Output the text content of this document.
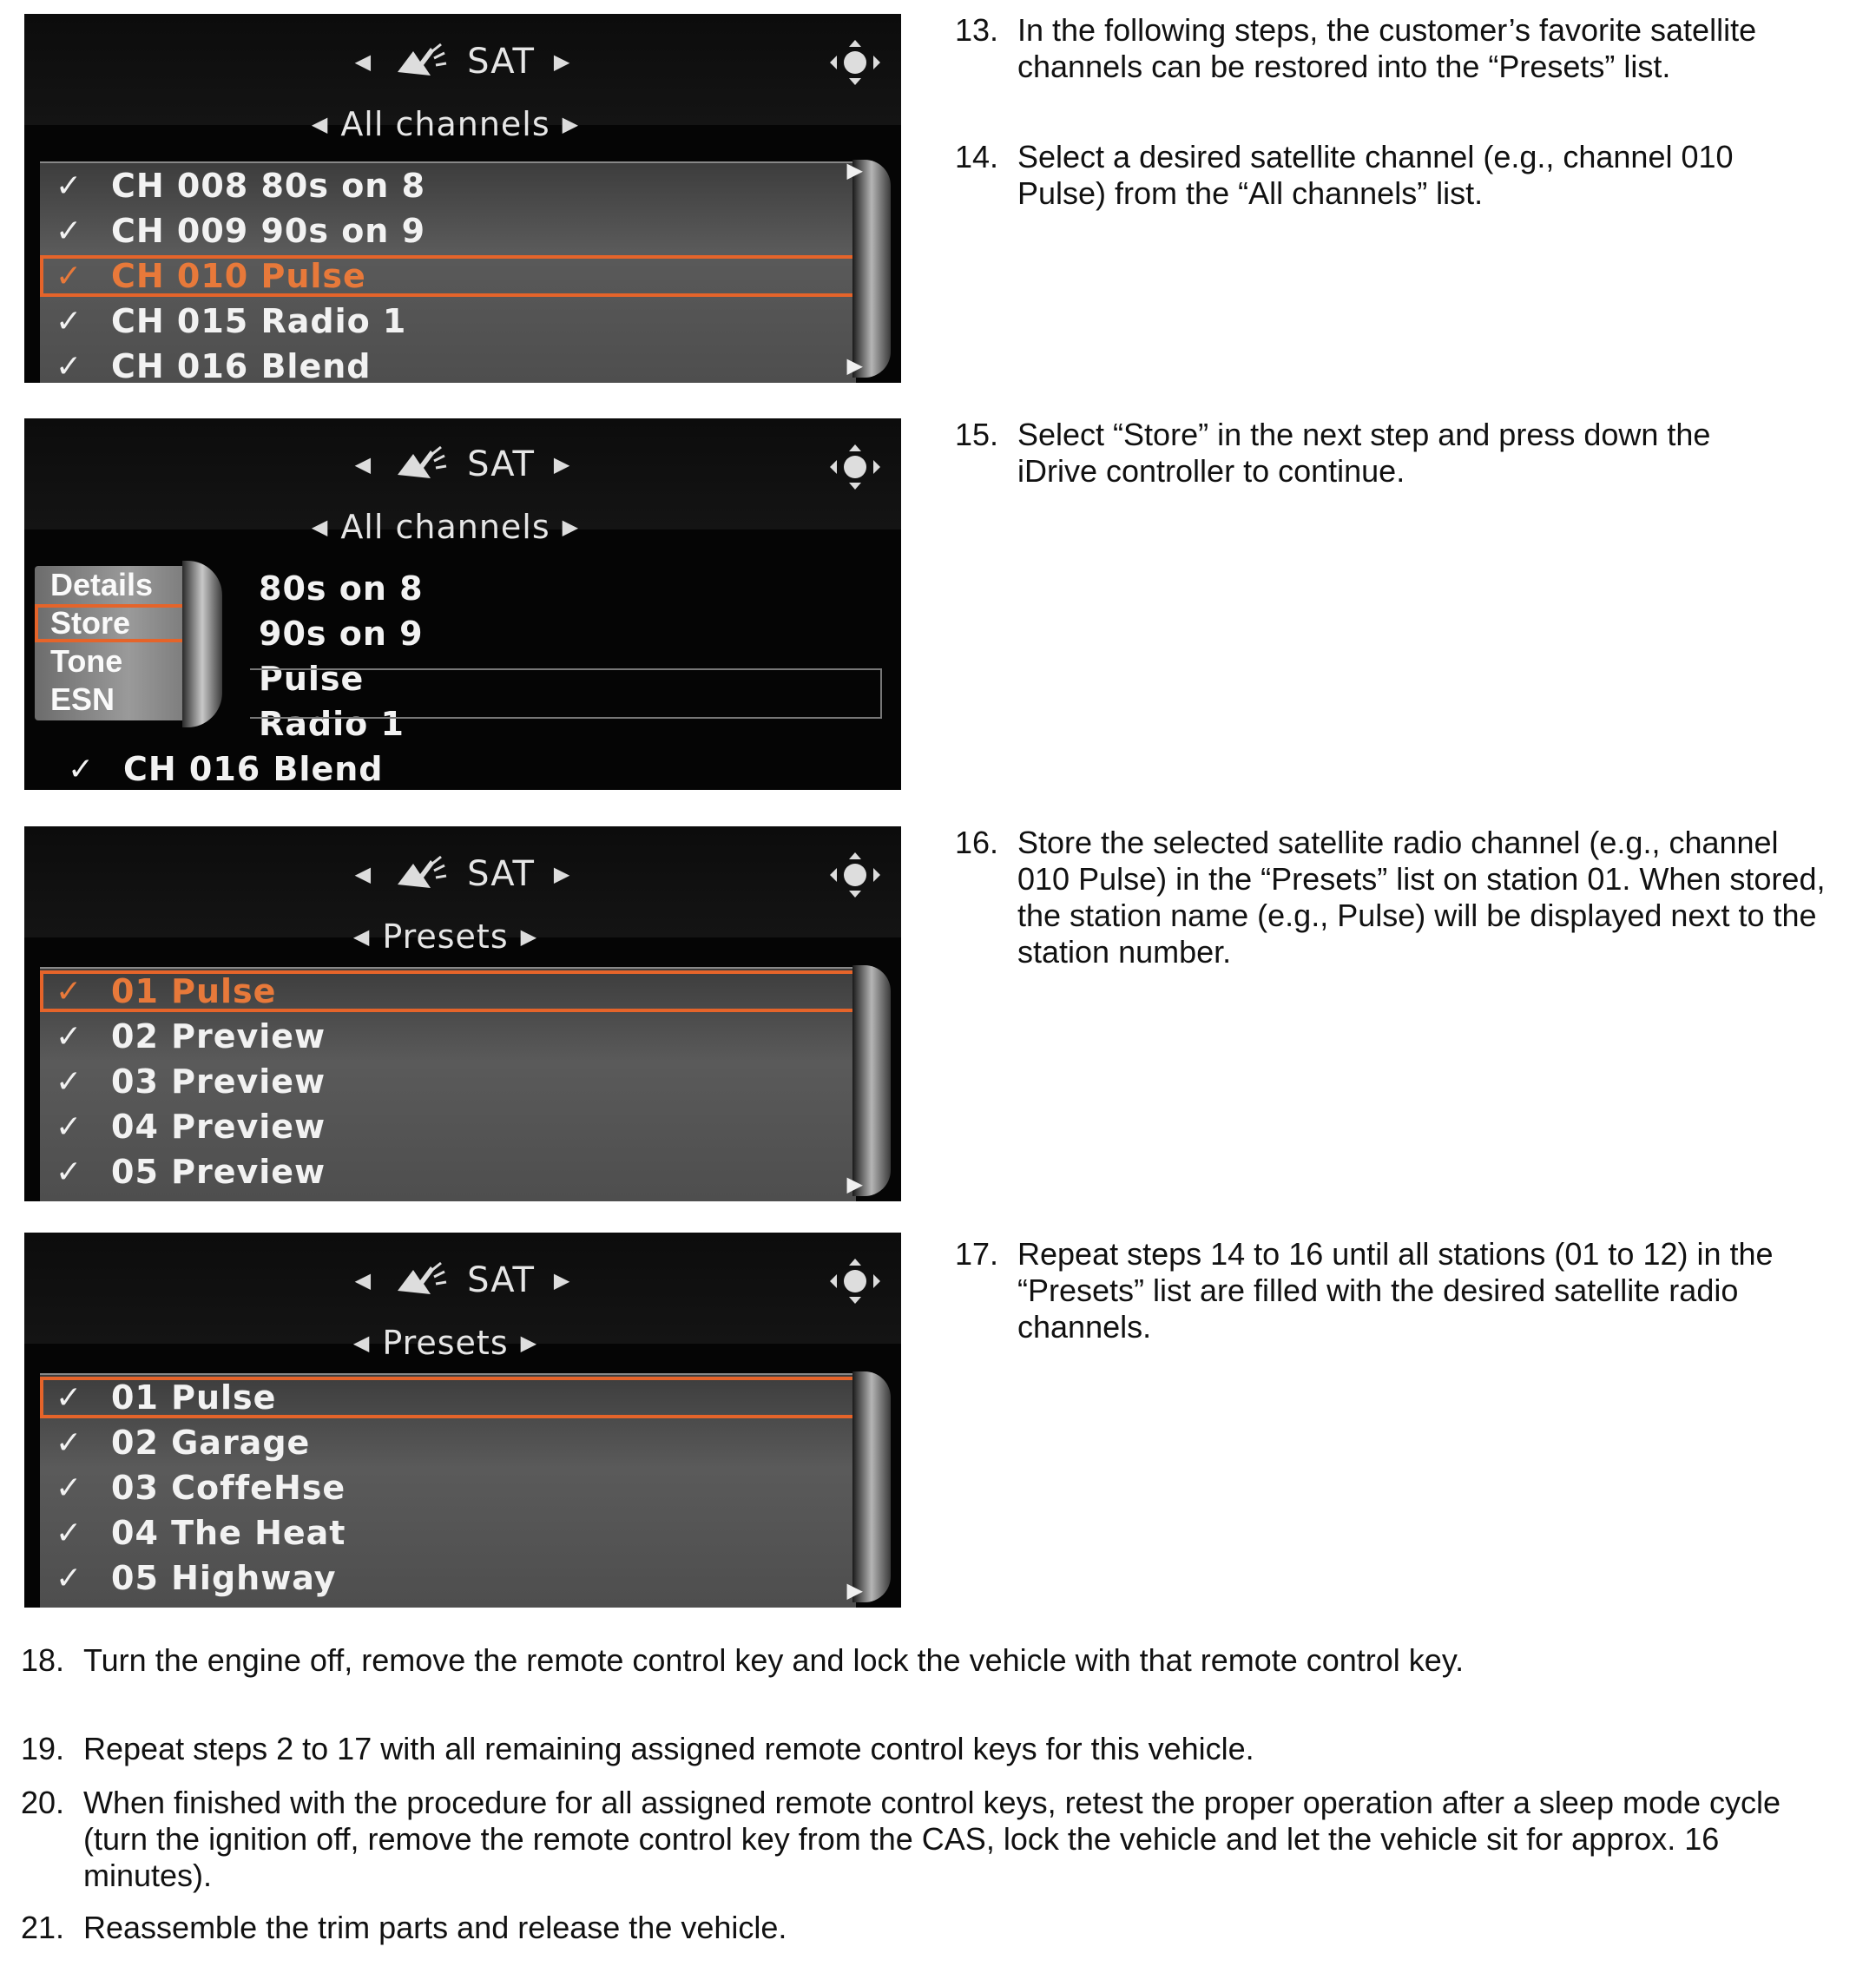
◀	SAT ▶
◀ All channels ▶
✓ CH 008 80s on 8
✓ CH 009 90s on 9
✓ CH 010 Pulse
✓ CH 015 Radio 1
✓ CH 016 Blend
▶
▶
◀	SAT ▶
◀ All channels ▶
80s on 8
90s on 9
Pulse
Radio 1
✓ CH 016 Blend
Details
Store
Tone
ESN
◀	SAT ▶
◀ Presets ▶
✓ 01 Pulse
✓ 02 Preview
✓ 03 Preview
✓ 04 Preview
✓ 05 Preview	▶
◀	SAT ▶
◀ Presets ▶
✓ 01 Pulse
✓ 02 Garage
✓ 03 CoffeHse
✓ 04 The Heat
✓ 05 Highway	▶
13. In the following steps, the customer’s favorite satellite channels can be restored into the “Presets” list.
14. Select a desired satellite channel (e.g., channel 010 Pulse) from the “All channels” list.
15. Select “Store” in the next step and press down the iDrive controller to continue.
16. Store the selected satellite radio channel (e.g., channel 010 Pulse) in the “Presets” list on station 01. When stored, the station name (e.g., Pulse) will be displayed next to the station number.
17. Repeat steps 14 to 16 until all stations (01 to 12) in the “Presets” list are filled with the desired satellite radio channels.
18. Turn the engine off, remove the remote control key and lock the vehicle with that remote control key.
19. Repeat steps 2 to 17 with all remaining assigned remote control keys for this vehicle.
20. When finished with the procedure for all assigned remote control keys, retest the proper operation after a sleep mode cycle (turn the ignition off, remove the remote control key from the CAS, lock the vehicle and let the vehicle sit for approx. 16 minutes).
21. Reassemble the trim parts and release the vehicle.
